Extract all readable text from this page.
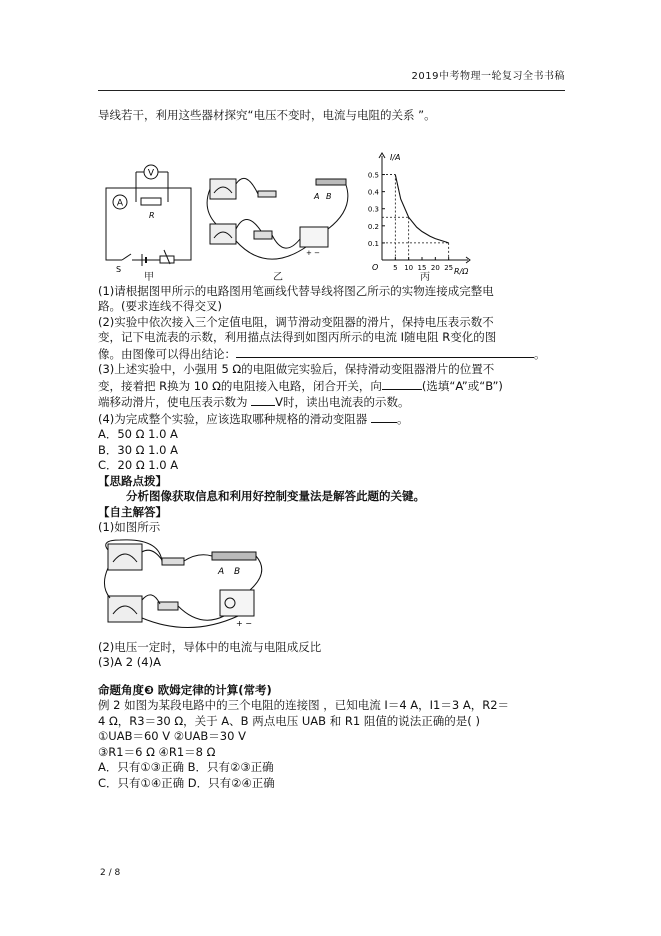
2019中考物理一轮复习全书书稿
导线若干，利用这些器材探究“电压不变时，电流与电阻的关系 ”。
A
R
V
S
甲
A B
+ −
乙
I/A
R/Ω
O
0.1
0.2
0.3
0.4
0.5
5 10 15 20 25
丙
(1)请根据图甲所示的电路图用笔画线代替导线将图乙所示的实物连接成完整电
路。(要求连线不得交叉)
(2)实验中依次接入三个定值电阻，调节滑动变阻器的滑片，保持电压表示数不
变，记下电流表的示数，利用描点法得到如图丙所示的电流 I随电阻 R变化的图
像。由图像可以得出结论：	。
(3)上述实验中，小强用 5 Ω的电阻做完实验后，保持滑动变阻器滑片的位置不
变，接着把 R换为 10 Ω的电阻接入电路，闭合开关，向	(选填“A”或“B”)
端移动滑片，使电压表示数为 V时，读出电流表的示数。
(4)为完成整个实验，应该选取哪种规格的滑动变阻器 。
A．50 Ω 1.0 A
B．30 Ω 1.0 A
C．20 Ω 1.0 A
【思路点拨】
分析图像获取信息和利用好控制变量法是解答此题的关键。
【自主解答】
(1)如图所示
A B
+ −
(2)电压一定时，导体中的电流与电阻成反比
(3)A 2 (4)A
命题角度❸ 欧姆定律的计算(常考)
例 2 如图为某段电路中的三个电阻的连接图 ，已知电流 I＝4 A，I1＝3 A，R2＝
4 Ω，R3＝30 Ω，关于 A、B 两点电压 UAB 和 R1 阻值的说法正确的是( )
①UAB＝60 V ②UAB＝30 V
③R1＝6 Ω ④R1＝8 Ω
A．只有①③正确 B．只有②③正确
C．只有①④正确 D．只有②④正确
2 / 8
